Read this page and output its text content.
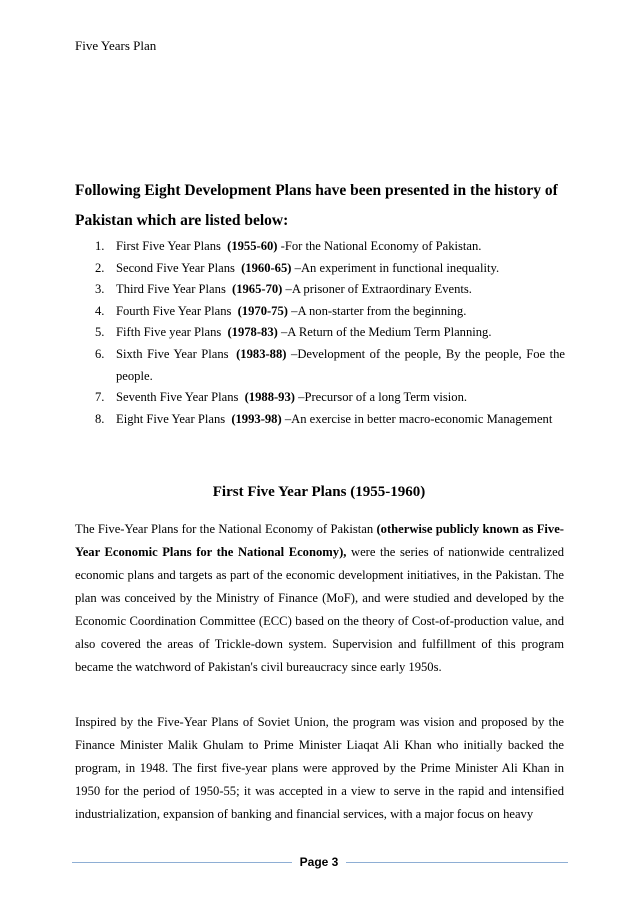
Five Years Plan
Following Eight Development Plans have been presented in the history of Pakistan which are listed below:
1. First Five Year Plans (1955-60) -For the National Economy of Pakistan.
2. Second Five Year Plans (1960-65) –An experiment in functional inequality.
3. Third Five Year Plans (1965-70) –A prisoner of Extraordinary Events.
4. Fourth Five Year Plans (1970-75) –A non-starter from the beginning.
5. Fifth Five year Plans (1978-83) –A Return of the Medium Term Planning.
6. Sixth Five Year Plans (1983-88) –Development of the people, By the people, Foe the people.
7. Seventh Five Year Plans (1988-93) –Precursor of a long Term vision.
8. Eight Five Year Plans (1993-98) –An exercise in better macro-economic Management
First Five Year Plans (1955-1960)

The Five-Year Plans for the National Economy of Pakistan (otherwise publicly known as Five-Year Economic Plans for the National Economy), were the series of nationwide centralized economic plans and targets as part of the economic development initiatives, in the Pakistan. The plan was conceived by the Ministry of Finance (MoF), and were studied and developed by the Economic Coordination Committee (ECC) based on the theory of Cost-of-production value, and also covered the areas of Trickle-down system. Supervision and fulfillment of this program became the watchword of Pakistan's civil bureaucracy since early 1950s.

Inspired by the Five-Year Plans of Soviet Union, the program was vision and proposed by the Finance Minister Malik Ghulam to Prime Minister Liaqat Ali Khan who initially backed the program, in 1948. The first five-year plans were approved by the Prime Minister Ali Khan in 1950 for the period of 1950-55; it was accepted in a view to serve in the rapid and intensified industrialization, expansion of banking and financial services, with a major focus on heavy

Page 3
